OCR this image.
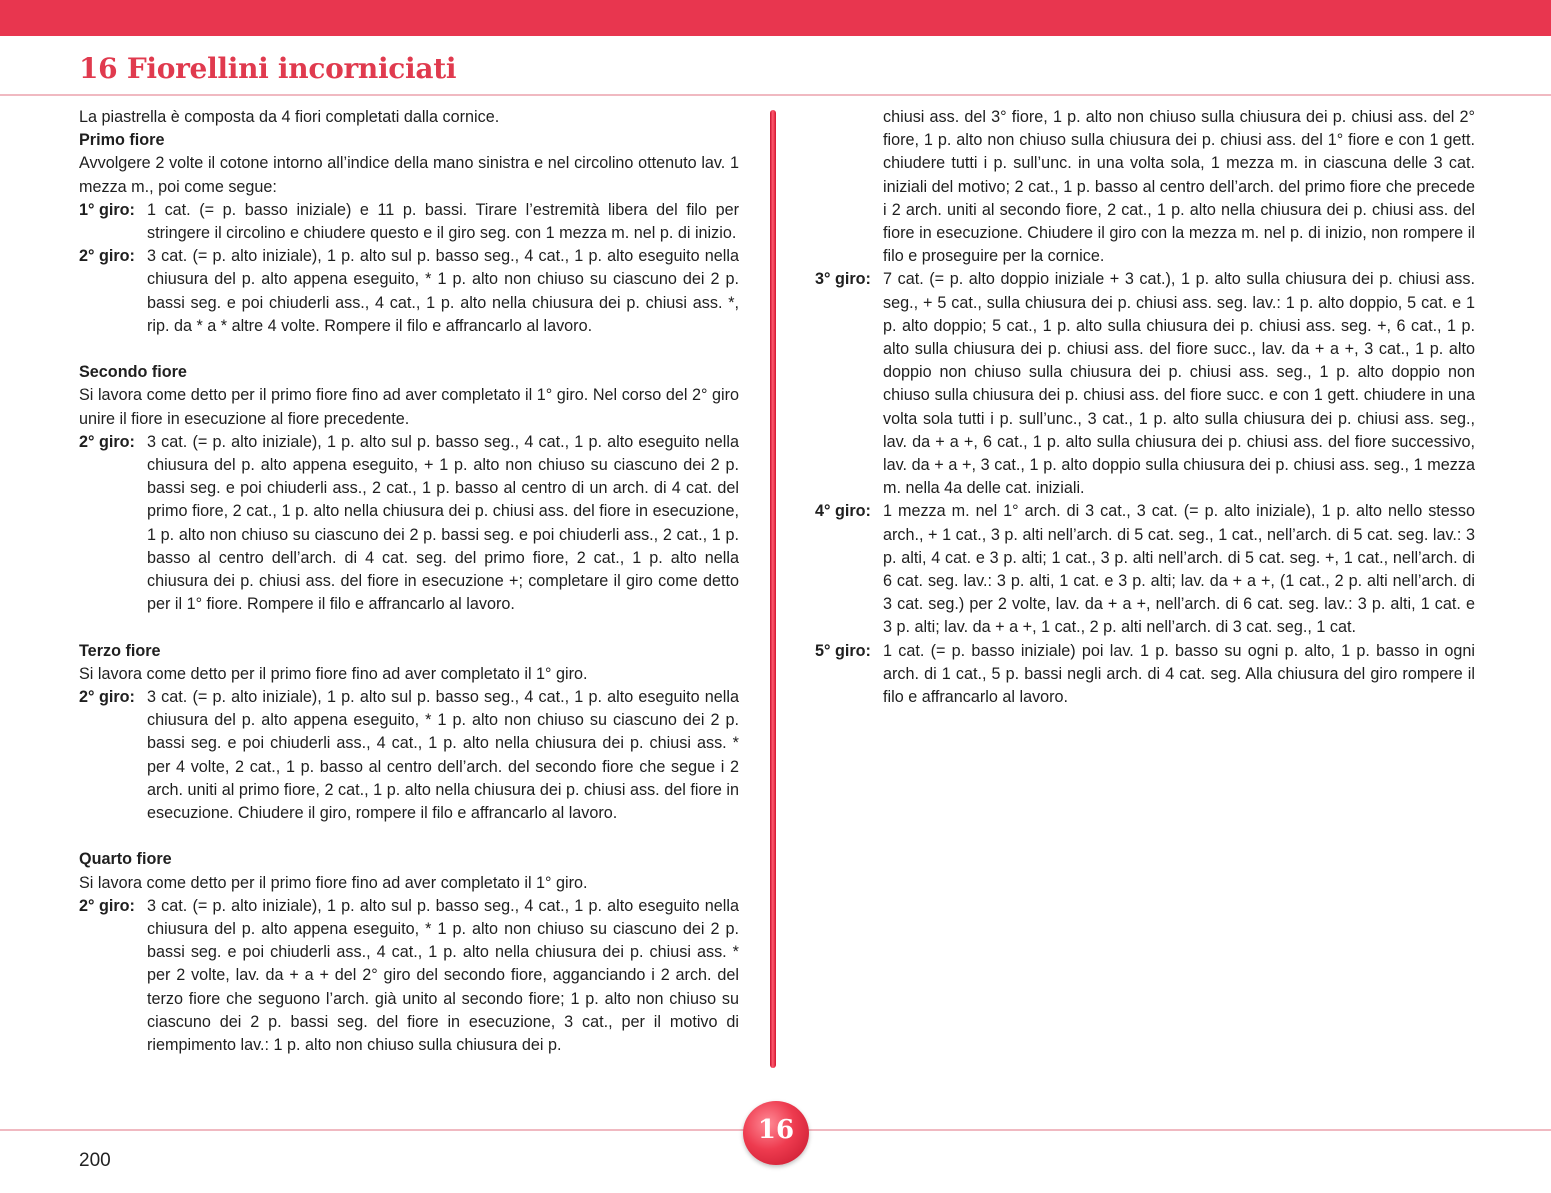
16 Fiorellini incorniciati

La piastrella è composta da 4 fiori completati dalla cornice.

Primo fiore

Avvolgere 2 volte il cotone intorno all’indice della mano sinistra e nel circolino ottenuto lav. 1 mezza m., poi come segue:

1° giro: 1 cat. (= p. basso iniziale) e 11 p. bassi. Tirare l’estremità libera del filo per stringere il circolino e chiudere questo e il giro seg. con 1 mezza m. nel p. di inizio.
2° giro: 3 cat. (= p. alto iniziale), 1 p. alto sul p. basso seg., 4 cat., 1 p. alto eseguito nella chiusura del p. alto appena eseguito, * 1 p. alto non chiuso su ciascuno dei 2 p. bassi seg. e poi chiuderli ass., 4 cat., 1 p. alto nella chiusura dei p. chiusi ass. *, rip. da * a * altre 4 volte. Rompere il filo e affrancarlo al lavoro.

Secondo fiore

Si lavora come detto per il primo fiore fino ad aver completato il 1° giro. Nel corso del 2° giro unire il fiore in esecuzione al fiore precedente.

2° giro: 3 cat. (= p. alto iniziale), 1 p. alto sul p. basso seg., 4 cat., 1 p. alto eseguito nella chiusura del p. alto appena eseguito, + 1 p. alto non chiuso su ciascuno dei 2 p. bassi seg. e poi chiuderli ass., 2 cat., 1 p. basso al centro di un arch. di 4 cat. del primo fiore, 2 cat., 1 p. alto nella chiusura dei p. chiusi ass. del fiore in esecuzione, 1 p. alto non chiuso su ciascuno dei 2 p. bassi seg. e poi chiuderli ass., 2 cat., 1 p. basso al centro dell’arch. di 4 cat. seg. del primo fiore, 2 cat., 1 p. alto nella chiusura dei p. chiusi ass. del fiore in esecuzione +; completare il giro come detto per il 1° fiore. Rompere il filo e affrancarlo al lavoro.

Terzo fiore

Si lavora come detto per il primo fiore fino ad aver completato il 1° giro.

2° giro: 3 cat. (= p. alto iniziale), 1 p. alto sul p. basso seg., 4 cat., 1 p. alto eseguito nella chiusura del p. alto appena eseguito, * 1 p. alto non chiuso su ciascuno dei 2 p. bassi seg. e poi chiuderli ass., 4 cat., 1 p. alto nella chiusura dei p. chiusi ass. * per 4 volte, 2 cat., 1 p. basso al centro dell’arch. del secondo fiore che segue i 2 arch. uniti al primo fiore, 2 cat., 1 p. alto nella chiusura dei p. chiusi ass. del fiore in esecuzione. Chiudere il giro, rompere il filo e affrancarlo al lavoro.

Quarto fiore

Si lavora come detto per il primo fiore fino ad aver completato il 1° giro.

2° giro: 3 cat. (= p. alto iniziale), 1 p. alto sul p. basso seg., 4 cat., 1 p. alto eseguito nella chiusura del p. alto appena eseguito, * 1 p. alto non chiuso su ciascuno dei 2 p. bassi seg. e poi chiuderli ass., 4 cat., 1 p. alto nella chiusura dei p. chiusi ass. * per 2 volte, lav. da + a + del 2° giro del secondo fiore, agganciando i 2 arch. del terzo fiore che seguono l’arch. già unito al secondo fiore; 1 p. alto non chiuso su ciascuno dei 2 p. bassi seg. del fiore in esecuzione, 3 cat., per il motivo di riempimento lav.: 1 p. alto non chiuso sulla chiusura dei p.

chiusi ass. del 3° fiore, 1 p. alto non chiuso sulla chiusura dei p. chiusi ass. del 2° fiore, 1 p. alto non chiuso sulla chiusura dei p. chiusi ass. del 1° fiore e con 1 gett. chiudere tutti i p. sull’unc. in una volta sola, 1 mezza m. in ciascuna delle 3 cat. iniziali del motivo; 2 cat., 1 p. basso al centro dell’arch. del primo fiore che precede i 2 arch. uniti al secondo fiore, 2 cat., 1 p. alto nella chiusura dei p. chiusi ass. del fiore in esecuzione. Chiudere il giro con la mezza m. nel p. di inizio, non rompere il filo e proseguire per la cornice.

3° giro: 7 cat. (= p. alto doppio iniziale + 3 cat.), 1 p. alto sulla chiusura dei p. chiusi ass. seg., + 5 cat., sulla chiusura dei p. chiusi ass. seg. lav.: 1 p. alto doppio, 5 cat. e 1 p. alto doppio; 5 cat., 1 p. alto sulla chiusura dei p. chiusi ass. seg. +, 6 cat., 1 p. alto sulla chiusura dei p. chiusi ass. del fiore succ., lav. da + a +, 3 cat., 1 p. alto doppio non chiuso sulla chiusura dei p. chiusi ass. seg., 1 p. alto doppio non chiuso sulla chiusura dei p. chiusi ass. del fiore succ. e con 1 gett. chiudere in una volta sola tutti i p. sull’unc., 3 cat., 1 p. alto sulla chiusura dei p. chiusi ass. seg., lav. da + a +, 6 cat., 1 p. alto sulla chiusura dei p. chiusi ass. del fiore successivo, lav. da + a +, 3 cat., 1 p. alto doppio sulla chiusura dei p. chiusi ass. seg., 1 mezza m. nella 4a delle cat. iniziali.
4° giro: 1 mezza m. nel 1° arch. di 3 cat., 3 cat. (= p. alto iniziale), 1 p. alto nello stesso arch., + 1 cat., 3 p. alti nell’arch. di 5 cat. seg., 1 cat., nell’arch. di 5 cat. seg. lav.: 3 p. alti, 4 cat. e 3 p. alti; 1 cat., 3 p. alti nell’arch. di 5 cat. seg. +, 1 cat., nell’arch. di 6 cat. seg. lav.: 3 p. alti, 1 cat. e 3 p. alti; lav. da + a +, (1 cat., 2 p. alti nell’arch. di 3 cat. seg.) per 2 volte, lav. da + a +, nell’arch. di 6 cat. seg. lav.: 3 p. alti, 1 cat. e 3 p. alti; lav. da + a +, 1 cat., 2 p. alti nell’arch. di 3 cat. seg., 1 cat.
5° giro: 1 cat. (= p. basso iniziale) poi lav. 1 p. basso su ogni p. alto, 1 p. basso in ogni arch. di 1 cat., 5 p. bassi negli arch. di 4 cat. seg. Alla chiusura del giro rompere il filo e affrancarlo al lavoro.
16
200
